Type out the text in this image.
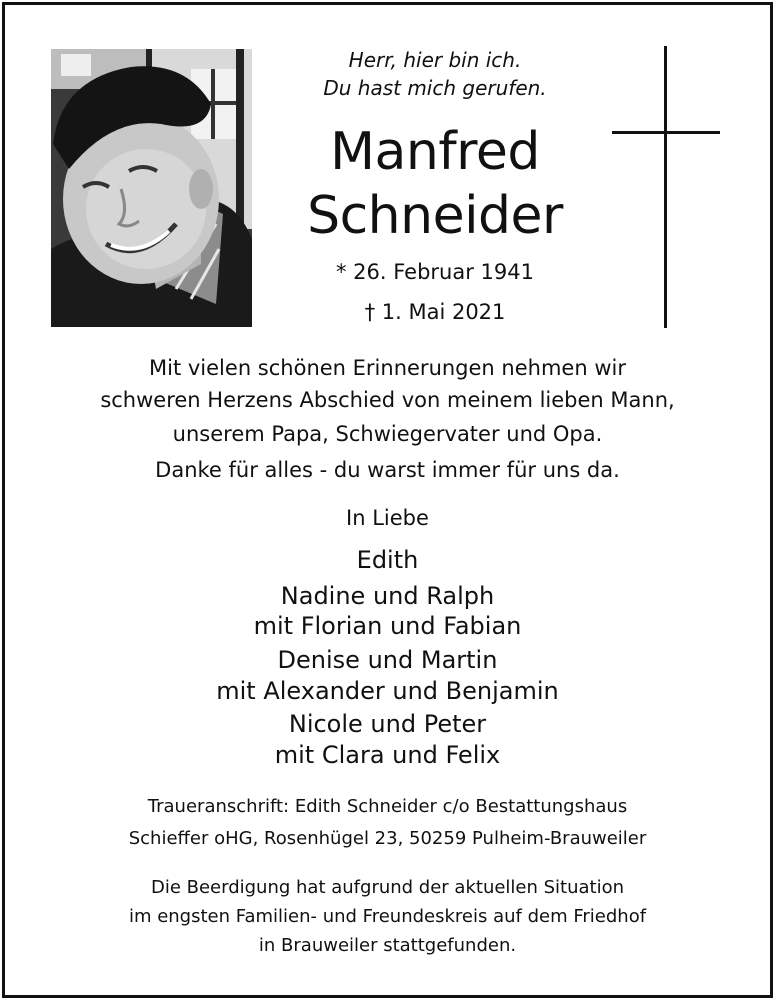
Herr, hier bin ich.
Du hast mich gerufen.
Manfred
Schneider
* 26. Februar 1941
† 1. Mai 2021
Mit vielen schönen Erinnerungen nehmen wir
schweren Herzens Abschied von meinem lieben Mann,
unserem Papa, Schwiegervater und Opa.
Danke für alles - du warst immer für uns da.
In Liebe
Edith
Nadine und Ralph
mit Florian und Fabian
Denise und Martin
mit Alexander und Benjamin
Nicole und Peter
mit Clara und Felix
Traueranschrift: Edith Schneider c/o Bestattungshaus
Schieffer oHG, Rosenhügel 23, 50259 Pulheim-Brauweiler
Die Beerdigung hat aufgrund der aktuellen Situation
im engsten Familien- und Freundeskreis auf dem Friedhof
in Brauweiler stattgefunden.
